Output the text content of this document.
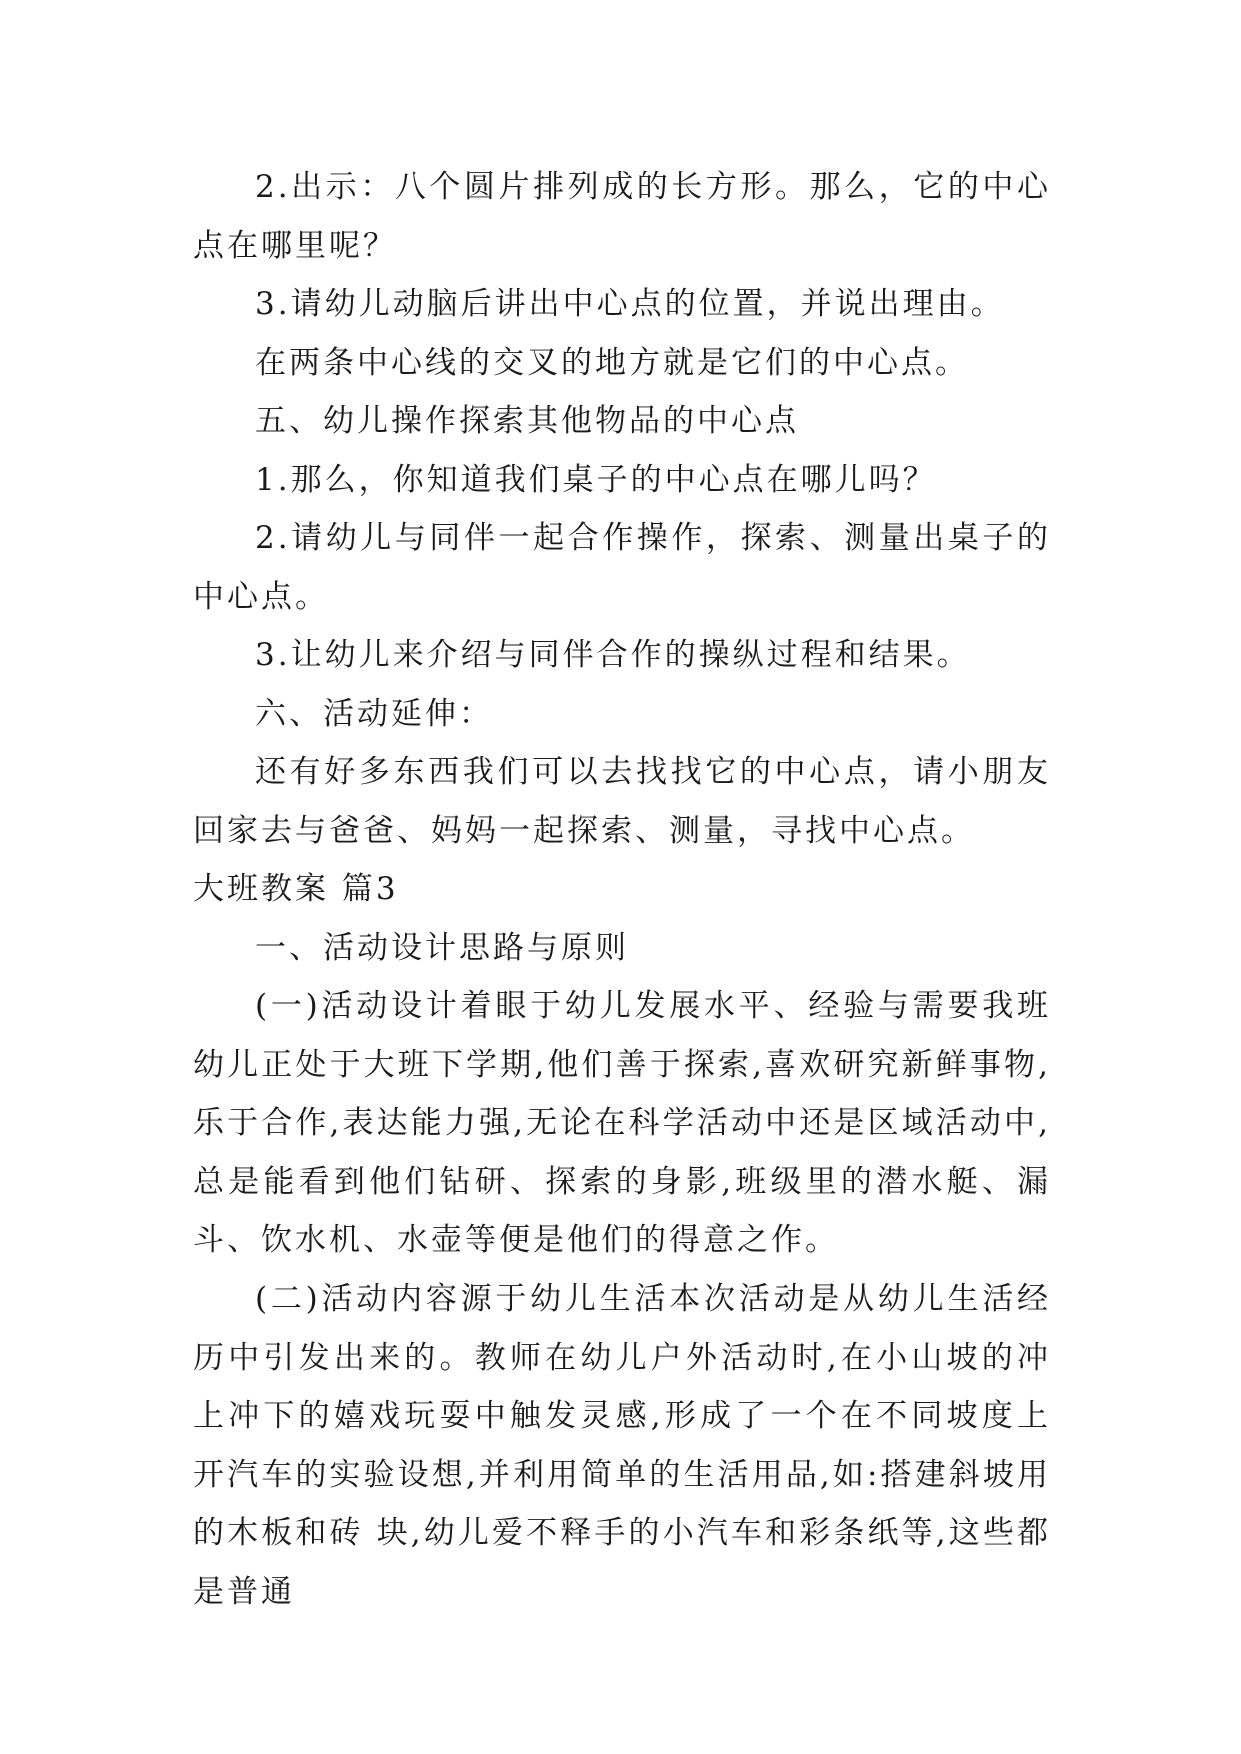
2.出示：八个圆片排列成的长方形。那么，它的中心点在哪里呢？

3.请幼儿动脑后讲出中心点的位置，并说出理由。

在两条中心线的交叉的地方就是它们的中心点。

五、幼儿操作探索其他物品的中心点

1.那么，你知道我们桌子的中心点在哪儿吗？

2.请幼儿与同伴一起合作操作，探索、测量出桌子的中心点。

3.让幼儿来介绍与同伴合作的操纵过程和结果。

六、活动延伸：

还有好多东西我们可以去找找它的中心点，请小朋友回家去与爸爸、妈妈一起探索、测量，寻找中心点。

大班教案 篇3

一、活动设计思路与原则

(一)活动设计着眼于幼儿发展水平、经验与需要我班幼儿正处于大班下学期,他们善于探索,喜欢研究新鲜事物,乐于合作,表达能力强,无论在科学活动中还是区域活动中,总是能看到他们钻研、探索的身影,班级里的潜水艇、漏斗、饮水机、水壶等便是他们的得意之作。

(二)活动内容源于幼儿生活本次活动是从幼儿生活经历中引发出来的。教师在幼儿户外活动时,在小山坡的冲上冲下的嬉戏玩耍中触发灵感,形成了一个在不同坡度上开汽车的实验设想,并利用简单的生活用品,如:搭建斜坡用的木板和砖 块,幼儿爱不释手的小汽车和彩条纸等,这些都是普通
